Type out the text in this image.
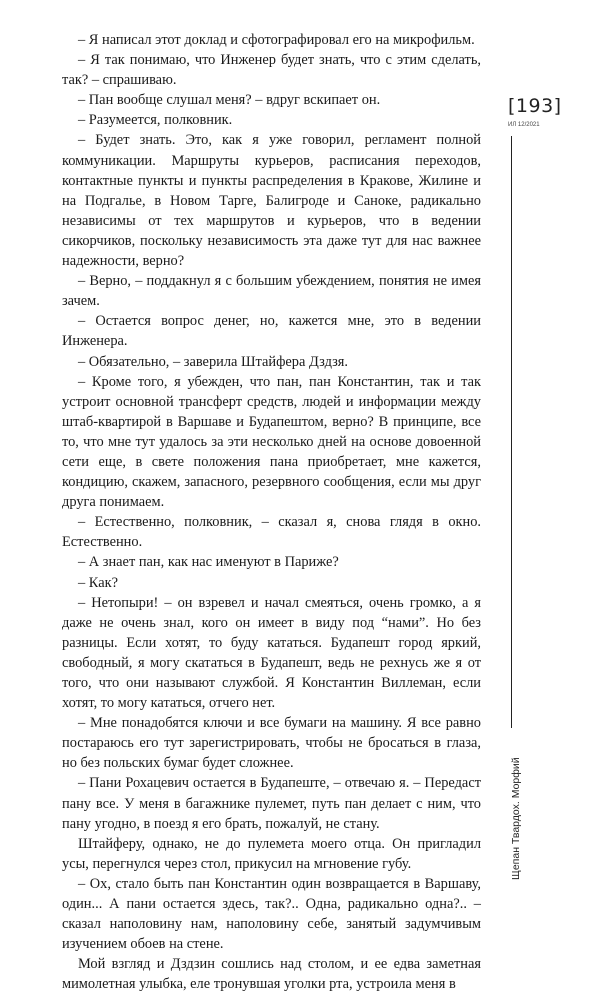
– Я написал этот доклад и сфотографировал его на микрофильм.

– Я так понимаю, что Инженер будет знать, что с этим сделать, так? – спрашиваю.

– Пан вообще слушал меня? – вдруг вскипает он.

– Разумеется, полковник.

– Будет знать. Это, как я уже говорил, регламент полной коммуникации. Маршруты курьеров, расписания переходов, контактные пункты и пункты распределения в Кракове, Жилине и на Подгалье, в Новом Тарге, Балигроде и Саноке, радикально независимы от тех маршрутов и курьеров, что в ведении сикорчиков, поскольку независимость эта даже тут для нас важнее надежности, верно?

– Верно, – поддакнул я с большим убеждением, понятия не имея зачем.

– Остается вопрос денег, но, кажется мне, это в ведении Инженера.

– Обязательно, – заверила Штайфера Дздзя.

– Кроме того, я убежден, что пан, пан Константин, так и так устроит основной трансферт средств, людей и информации между штаб-квартирой в Варшаве и Будапештом, верно? В принципе, все то, что мне тут удалось за эти несколько дней на основе довоенной сети еще, в свете положения пана приобретает, мне кажется, кондицию, скажем, запасного, резервного сообщения, если мы друг друга понимаем.

– Естественно, полковник, – сказал я, снова глядя в окно. Естественно.

– А знает пан, как нас именуют в Париже?

– Как?

– Нетопыри! – он взревел и начал смеяться, очень громко, а я даже не очень знал, кого он имеет в виду под “нами”. Но без разницы. Если хотят, то буду кататься. Будапешт город яркий, свободный, я могу скататься в Будапешт, ведь не рехнусь же я от того, что они называют службой. Я Константин Виллеман, если хотят, то могу кататься, отчего нет.

– Мне понадобятся ключи и все бумаги на машину. Я все равно постараюсь его тут зарегистрировать, чтобы не бросаться в глаза, но без польских бумаг будет сложнее.

– Пани Рохацевич остается в Будапеште, – отвечаю я. – Передаст пану все. У меня в багажнике пулемет, путь пан делает с ним, что пану угодно, в поезд я его брать, пожалуй, не стану.

Штайферу, однако, не до пулемета моего отца. Он пригладил усы, перегнулся через стол, прикусил на мгновение губу.

– Ох, стало быть пан Константин один возвращается в Варшаву, один... А пани остается здесь, так?.. Одна, радикально одна?.. – сказал наполовину нам, наполовину себе, занятый задумчивым изучением обоев на стене.

Мой взгляд и Дздзин сошлись над столом, и ее едва заметная мимолетная улыбка, еле тронувшая уголки рта, устроила меня в

[193]
ИЛ 12/2021
Щепан Твардох. Морфий
